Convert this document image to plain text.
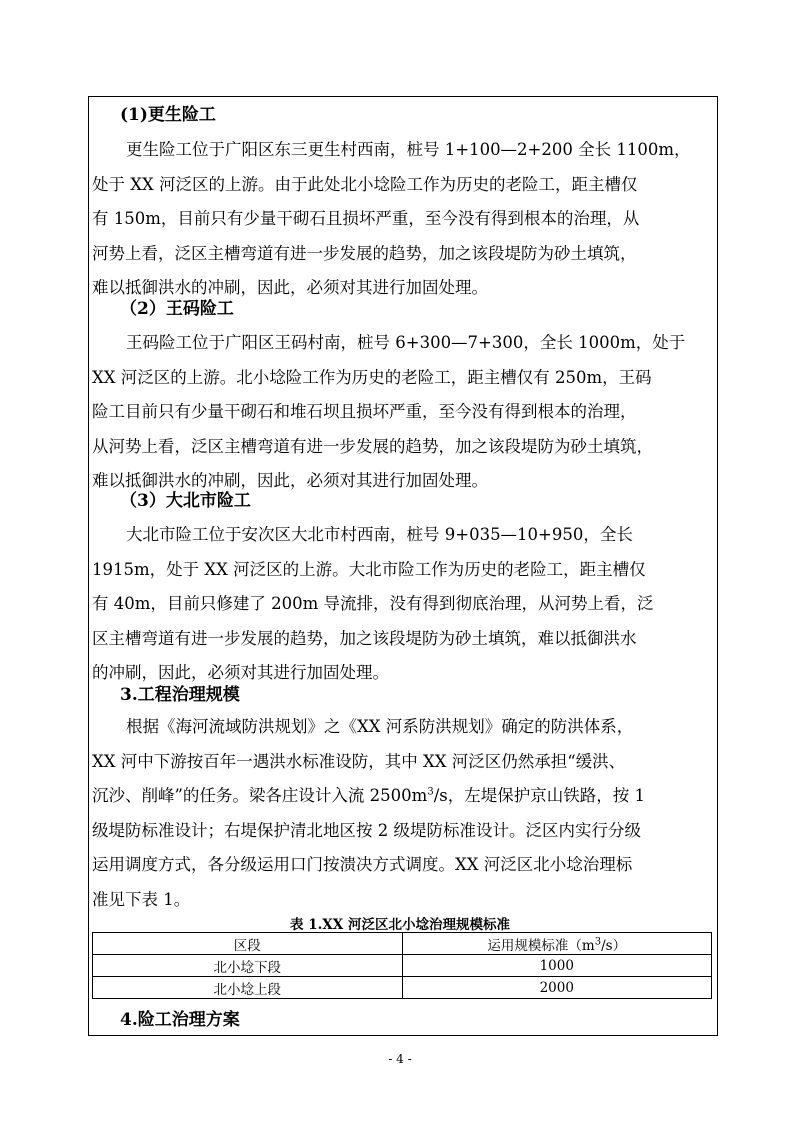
(1)更生险工
更生险工位于广阳区东三更生村西南，桩号 1+100—2+200 全长 1100m，
处于 XX 河泛区的上游。由于此处北小埝险工作为历史的老险工，距主槽仅
有 150m，目前只有少量干砌石且损坏严重，至今没有得到根本的治理，从
河势上看，泛区主槽弯道有进一步发展的趋势，加之该段堤防为砂土填筑，
难以抵御洪水的冲刷，因此，必须对其进行加固处理。
（2）王码险工
王码险工位于广阳区王码村南，桩号 6+300—7+300，全长 1000m，处于
XX 河泛区的上游。北小埝险工作为历史的老险工，距主槽仅有 250m，王码
险工目前只有少量干砌石和堆石坝且损坏严重，至今没有得到根本的治理，
从河势上看，泛区主槽弯道有进一步发展的趋势，加之该段堤防为砂土填筑，
难以抵御洪水的冲刷，因此，必须对其进行加固处理。
（3）大北市险工
大北市险工位于安次区大北市村西南，桩号 9+035—10+950，全长
1915m，处于 XX 河泛区的上游。大北市险工作为历史的老险工，距主槽仅
有 40m，目前只修建了 200m 导流排，没有得到彻底治理，从河势上看，泛
区主槽弯道有进一步发展的趋势，加之该段堤防为砂土填筑，难以抵御洪水
的冲刷，因此，必须对其进行加固处理。
3.工程治理规模
根据《海河流域防洪规划》之《XX 河系防洪规划》确定的防洪体系，
XX 河中下游按百年一遇洪水标准设防，其中 XX 河泛区仍然承担“缓洪、
沉沙、削峰”的任务。梁各庄设计入流 $2500m^3/s$，左堤保护京山铁路，按 1
级堤防标准设计；右堤保护清北地区按 2 级堤防标准设计。泛区内实行分级
运用调度方式，各分级运用口门按溃决方式调度。XX 河泛区北小埝治理标
准见下表 1。
表 1.XX 河泛区北小埝治理规模标准
区段	运用规模标准$(m^3/s)$
北小埝下段	1000
北小埝上段	2000
4.险工治理方案
- 4 -
